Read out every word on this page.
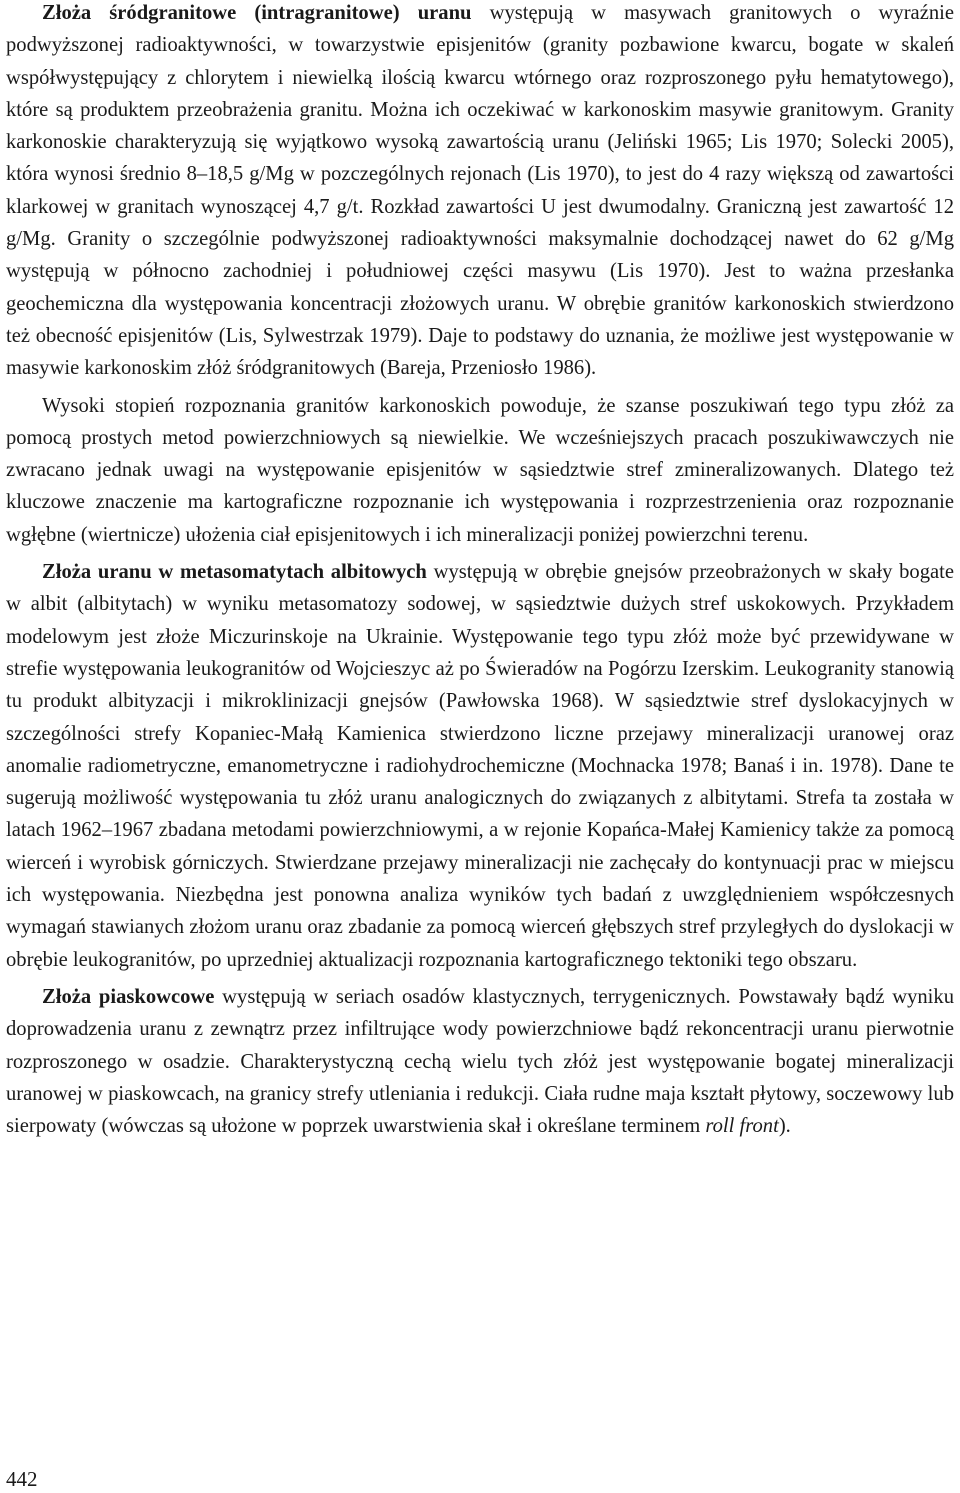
Złoża śródgranitowe (intragranitowe) uranu występują w masywach granitowych o wyraźnie podwyższonej radioaktywności, w towarzystwie episjenitów (granity pozbawione kwarcu, bogate w skaleń współwystępujący z chlorytem i niewielką ilością kwarcu wtórnego oraz rozproszonego pyłu hematytowego), które są produktem przeobrażenia granitu. Można ich oczekiwać w karkonoskim masywie granitowym. Granity karkonoskie charakteryzują się wyjątkowo wysoką zawartością uranu (Jeliński 1965; Lis 1970; Solecki 2005), która wynosi średnio 8–18,5 g/Mg w pozczególnych rejonach (Lis 1970), to jest do 4 razy większą od zawartości klarkowej w granitach wynoszącej 4,7 g/t. Rozkład zawartości U jest dwumodalny. Graniczną jest zawartość 12 g/Mg. Granity o szczególnie podwyższonej radioaktywności maksymalnie dochodzącej nawet do 62 g/Mg występują w północno zachodniej i południowej części masywu (Lis 1970). Jest to ważna przesłanka geochemiczna dla występowania koncentracji złożowych uranu. W obrębie granitów karkonoskich stwierdzono też obecność episjenitów (Lis, Sylwestrzak 1979). Daje to podstawy do uznania, że możliwe jest występowanie w masywie karkonoskim złóż śródgranitowych (Bareja, Przeniosło 1986).

Wysoki stopień rozpoznania granitów karkonoskich powoduje, że szanse poszukiwań tego typu złóż za pomocą prostych metod powierzchniowych są niewielkie. We wcześniejszych pracach poszukiwawczych nie zwracano jednak uwagi na występowanie episjenitów w sąsiedztwie stref zmineralizowanych. Dlatego też kluczowe znaczenie ma kartograficzne rozpoznanie ich występowania i rozprzestrzenienia oraz rozpoznanie wgłębne (wiertnicze) ułożenia ciał episjenitowych i ich mineralizacji poniżej powierzchni terenu.

Złoża uranu w metasomatytach albitowych występują w obrębie gnejsów przeobrażonych w skały bogate w albit (albitytach) w wyniku metasomatozy sodowej, w sąsiedztwie dużych stref uskokowych. Przykładem modelowym jest złoże Miczurinskoje na Ukrainie. Występowanie tego typu złóż może być przewidywane w strefie występowania leukogranitów od Wojcieszyc aż po Świeradów na Pogórzu Izerskim. Leukogranity stanowią tu produkt albityzacji i mikroklinizacji gnejsów (Pawłowska 1968). W sąsiedztwie stref dyslokacyjnych w szczególności strefy Kopaniec-Małą Kamienica stwierdzono liczne przejawy mineralizacji uranowej oraz anomalie radiometryczne, emanometryczne i radiohydrochemiczne (Mochnacka 1978; Banaś i in. 1978). Dane te sugerują możliwość występowania tu złóż uranu analogicznych do związanych z albitytami. Strefa ta została w latach 1962–1967 zbadana metodami powierzchniowymi, a w rejonie Kopańca-Małej Kamienicy także za pomocą wierceń i wyrobisk górniczych. Stwierdzane przejawy mineralizacji nie zachęcały do kontynuacji prac w miejscu ich występowania. Niezbędna jest ponowna analiza wyników tych badań z uwzględnieniem współczesnych wymagań stawianych złożom uranu oraz zbadanie za pomocą wierceń głębszych stref przyległych do dyslokacji w obrębie leukogranitów, po uprzedniej aktualizacji rozpoznania kartograficznego tektoniki tego obszaru.

Złoża piaskowcowe występują w seriach osadów klastycznych, terrygenicznych. Powstawały bądź wyniku doprowadzenia uranu z zewnątrz przez infiltrujące wody powierzchniowe bądź rekoncentracji uranu pierwotnie rozproszonego w osadzie. Charakterystyczną cechą wielu tych złóż jest występowanie bogatej mineralizacji uranowej w piaskowcach, na granicy strefy utleniania i redukcji. Ciała rudne maja kształt płytowy, soczewowy lub sierpowaty (wówczas są ułożone w poprzek uwarstwienia skał i określane terminem roll front).

442
